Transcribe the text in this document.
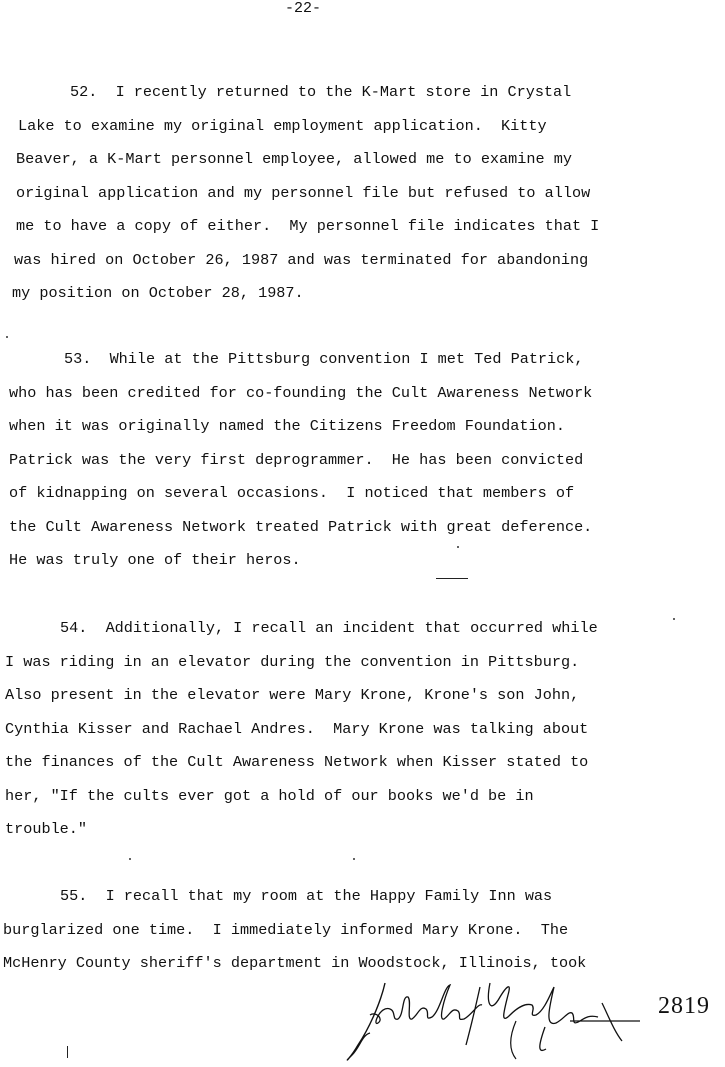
-22-
52.  I recently returned to the K-Mart store in Crystal
Lake to examine my original employment application.  Kitty
Beaver, a K-Mart personnel employee, allowed me to examine my
original application and my personnel file but refused to allow
me to have a copy of either.  My personnel file indicates that I
was hired on October 26, 1987 and was terminated for abandoning
my position on October 28, 1987.
53.  While at the Pittsburg convention I met Ted Patrick,
who has been credited for co-founding the Cult Awareness Network
when it was originally named the Citizens Freedom Foundation.
Patrick was the very first deprogrammer.  He has been convicted
of kidnapping on several occasions.  I noticed that members of
the Cult Awareness Network treated Patrick with great deference.
He was truly one of their heros.
54.  Additionally, I recall an incident that occurred while
I was riding in an elevator during the convention in Pittsburg.
Also present in the elevator were Mary Krone, Krone's son John,
Cynthia Kisser and Rachael Andres.  Mary Krone was talking about
the finances of the Cult Awareness Network when Kisser stated to
her, "If the cults ever got a hold of our books we'd be in
trouble."
55.  I recall that my room at the Happy Family Inn was
burglarized one time.  I immediately informed Mary Krone.  The
McHenry County sheriff's department in Woodstock, Illinois, took
2819
